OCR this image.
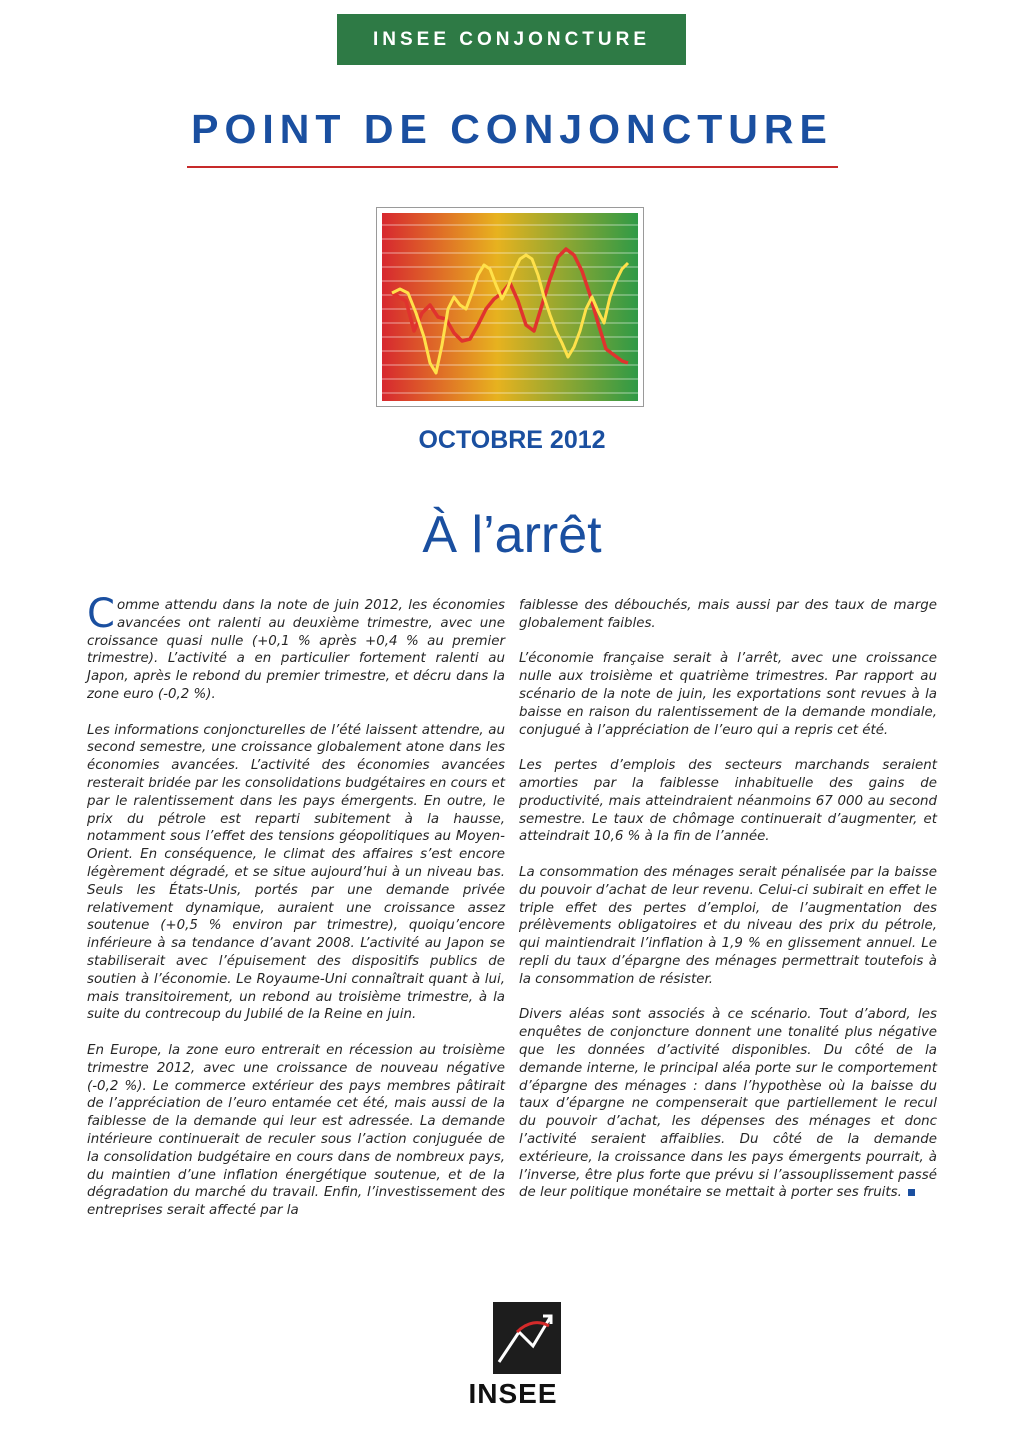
INSEE CONJONCTURE
POINT DE CONJONCTURE
OCTOBRE 2012
À l’arrêt

Comme attendu dans la note de juin 2012, les économies avancées ont ralenti au deuxième trimestre, avec une croissance quasi nulle (+0,1 % après +0,4 % au premier trimestre). L’activité a en particulier fortement ralenti au Japon, après le rebond du premier trimestre, et décru dans la zone euro (-0,2 %).

Les informations conjoncturelles de l’été laissent attendre, au second semestre, une croissance globalement atone dans les économies avancées. L’activité des économies avancées resterait bridée par les consolidations budgétaires en cours et par le ralentissement dans les pays émergents. En outre, le prix du pétrole est reparti subitement à la hausse, notamment sous l’effet des tensions géopolitiques au Moyen-Orient. En conséquence, le climat des affaires s’est encore légèrement dégradé, et se situe aujourd’hui à un niveau bas. Seuls les États-Unis, portés par une demande privée relativement dynamique, auraient une croissance assez soutenue (+0,5 % environ par trimestre), quoiqu’encore inférieure à sa tendance d’avant 2008. L’activité au Japon se stabiliserait avec l’épuisement des dispositifs publics de soutien à l’économie. Le Royaume-Uni connaîtrait quant à lui, mais transitoirement, un rebond au troisième trimestre, à la suite du contrecoup du Jubilé de la Reine en juin.

En Europe, la zone euro entrerait en récession au troisième trimestre 2012, avec une croissance de nouveau négative (-0,2 %). Le commerce extérieur des pays membres pâtirait de l’appréciation de l’euro entamée cet été, mais aussi de la faiblesse de la demande qui leur est adressée. La demande intérieure continuerait de reculer sous l’action conjuguée de la consolidation budgétaire en cours dans de nombreux pays, du maintien d’une inflation énergétique soutenue, et de la dégradation du marché du travail. Enfin, l’investissement des entreprises serait affecté par la

faiblesse des débouchés, mais aussi par des taux de marge globalement faibles.

L’économie française serait à l’arrêt, avec une croissance nulle aux troisième et quatrième trimestres. Par rapport au scénario de la note de juin, les exportations sont revues à la baisse en raison du ralentissement de la demande mondiale, conjugué à l’appréciation de l’euro qui a repris cet été.

Les pertes d’emplois des secteurs marchands seraient amorties par la faiblesse inhabituelle des gains de productivité, mais atteindraient néanmoins 67 000 au second semestre. Le taux de chômage continuerait d’augmenter, et atteindrait 10,6 % à la fin de l’année.

La consommation des ménages serait pénalisée par la baisse du pouvoir d’achat de leur revenu. Celui-ci subirait en effet le triple effet des pertes d’emploi, de l’augmentation des prélèvements obligatoires et du niveau des prix du pétrole, qui maintiendrait l’inflation à 1,9 % en glissement annuel. Le repli du taux d’épargne des ménages permettrait toutefois à la consommation de résister.

Divers aléas sont associés à ce scénario. Tout d’abord, les enquêtes de conjoncture donnent une tonalité plus négative que les données d’activité disponibles. Du côté de la demande interne, le principal aléa porte sur le comportement d’épargne des ménages : dans l’hypothèse où la baisse du taux d’épargne ne compenserait que partiellement le recul du pouvoir d’achat, les dépenses des ménages et donc l’activité seraient affaiblies. Du côté de la demande extérieure, la croissance dans les pays émergents pourrait, à l’inverse, être plus forte que prévu si l’assouplissement passé de leur politique monétaire se mettait à porter ses fruits.

INSEE
